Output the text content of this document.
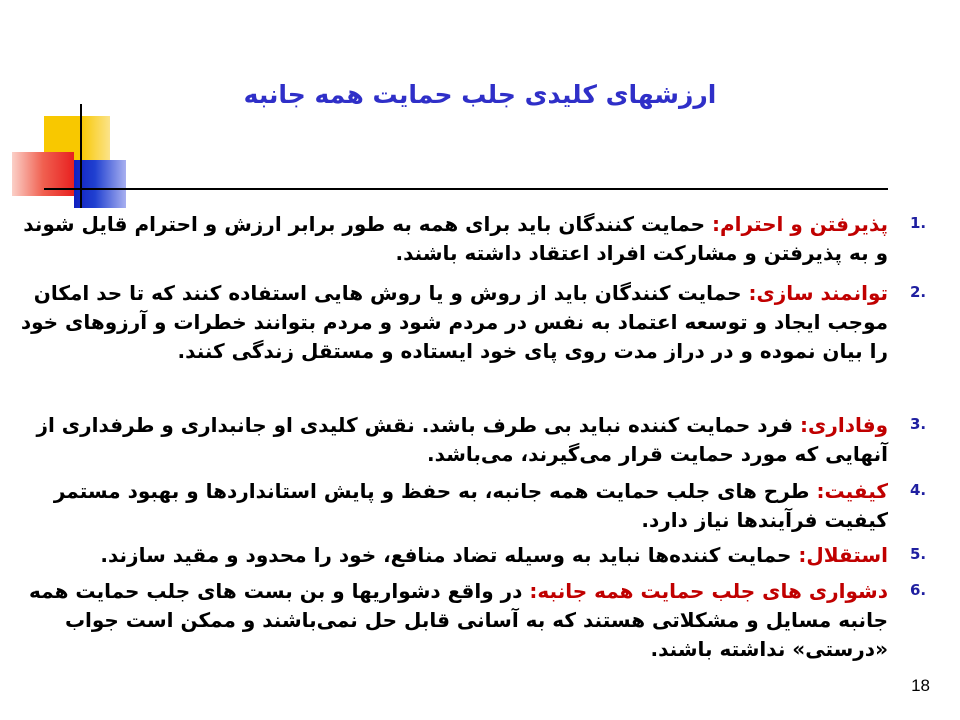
ارزشهای کلیدی جلب حمایت همه جانبه
1.
پذیرفتن و احترام: حمایت کنندگان باید برای همه به طور برابر ارزش و احترام قایل شوند و به پذیرفتن و مشارکت افراد اعتقاد داشته باشند.
2.
توانمند سازی: حمایت کنندگان باید از روش و یا روش هایی استفاده کنند که تا حد امکان موجب ایجاد و توسعه اعتماد به نفس در مردم شود و مردم بتوانند خطرات و آرزوهای خود را بیان نموده و در دراز مدت روی پای خود ایستاده و مستقل زندگی کنند.
3.
وفاداری: فرد حمایت کننده نباید بی طرف باشد. نقش کلیدی او جانبداری و طرفداری از آنهایی که مورد حمایت قرار می‌گیرند، می‌باشد.
4.
کیفیت: طرح های جلب حمایت همه جانبه، به حفظ و پایش استانداردها و بهبود مستمر کیفیت فرآیندها نیاز دارد.
5.
استقلال: حمایت کننده‌ها نباید به وسیله تضاد منافع، خود را محدود و مقید سازند.
6.
دشواری های جلب حمایت همه جانبه: در واقع دشواریها و بن بست های جلب حمایت همه جانبه مسایل و مشکلاتی هستند که به آسانی قابل حل نمی‌باشند و ممکن است جواب «درستی» نداشته باشند.
18
